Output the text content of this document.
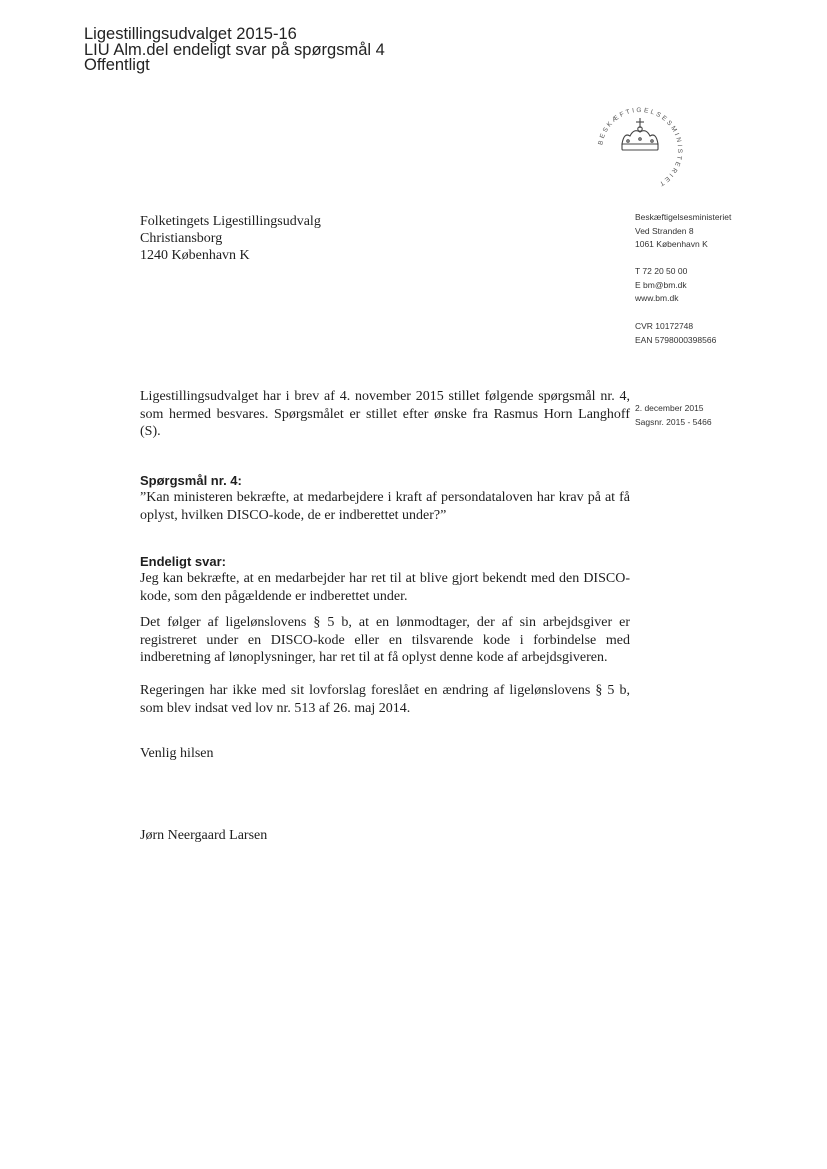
Ligestillingsudvalget 2015-16
LIU Alm.del endeligt svar på spørgsmål 4
Offentligt
BESKÆFTIGELSESMINISTERIET
Folketingets Ligestillingsudvalg
Christiansborg
1240 København K
Beskæftigelsesministeriet
Ved Stranden 8
1061 København K
T 72 20 50 00
E bm@bm.dk
www.bm.dk
CVR 10172748
EAN 5798000398566
2. december 2015
Sagsnr. 2015 - 5466

Ligestillingsudvalget har i brev af 4. november 2015 stillet følgende spørgsmål nr. 4, som hermed besvares. Spørgsmålet er stillet efter ønske fra Rasmus Horn Langhoff (S).

Spørgsmål nr. 4:

”Kan ministeren bekræfte, at medarbejdere i kraft af persondataloven har krav på at få oplyst, hvilken DISCO-kode, de er indberettet under?”

Endeligt svar:

Jeg kan bekræfte, at en medarbejder har ret til at blive gjort bekendt med den DISCO-kode, som den pågældende er indberettet under.

Det følger af ligelønslovens § 5 b, at en lønmodtager, der af sin arbejdsgiver er registreret under en DISCO-kode eller en tilsvarende kode i forbindelse med indberetning af lønoplysninger, har ret til at få oplyst denne kode af arbejdsgiveren.

Regeringen har ikke med sit lovforslag foreslået en ændring af ligelønslovens § 5 b, som blev indsat ved lov nr. 513 af 26. maj 2014.

Venlig hilsen

Jørn Neergaard Larsen
